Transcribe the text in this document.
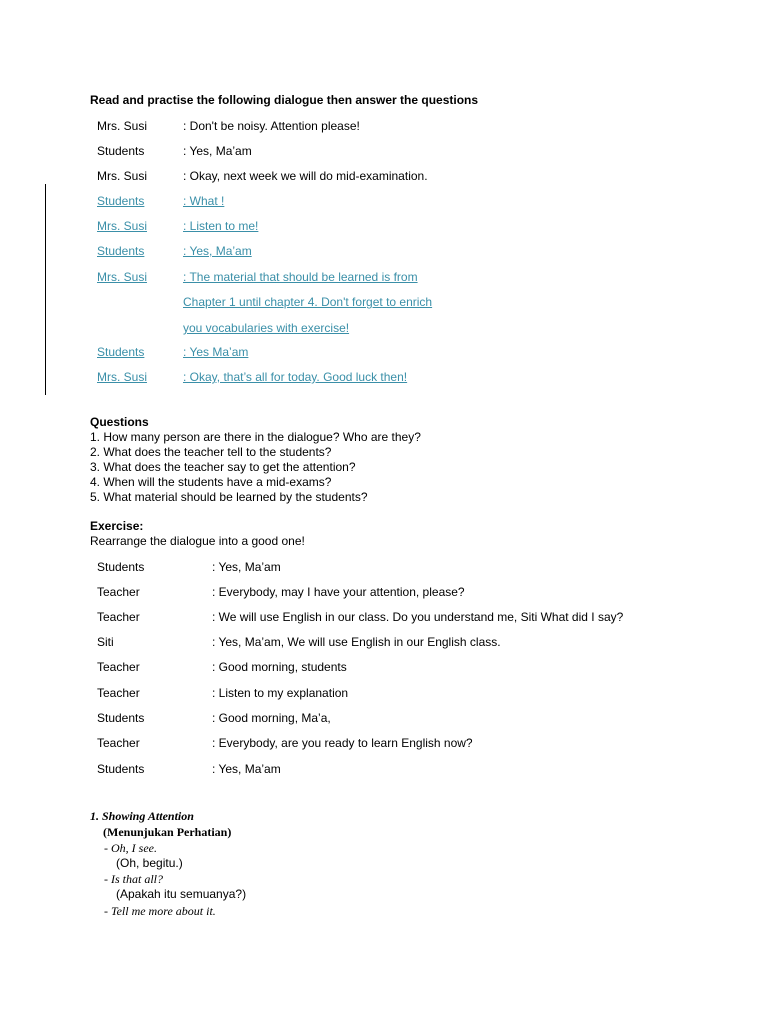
Read and practise the following dialogue then answer the questions
Mrs. Susi	: Don't be noisy. Attention please!
Students	: Yes, Ma’am
Mrs. Susi	: Okay, next week we will do mid-examination.
Students	: What !
Mrs. Susi	: Listen to me!
Students	: Yes, Ma’am
Mrs. Susi	: The material that should be learned is from
Chapter 1 until chapter 4. Don't forget to enrich
you vocabularies with exercise!
Students	: Yes Ma’am
Mrs. Susi	: Okay, that’s all for today. Good luck then!
Questions
1. How many person are there in the dialogue? Who are they?
2. What does the teacher tell to the students?
3. What does the teacher say to get the attention?
4. When will the students have a mid-exams?
5. What material should be learned by the students?
Exercise:
Rearrange the dialogue into a good one!
Students	: Yes, Ma’am
Teacher	: Everybody, may I have your attention, please?
Teacher	: We will use English in our class. Do you understand me, Siti What did I say?
Siti	: Yes, Ma’am, We will use English in our English class.
Teacher	: Good morning, students
Teacher	: Listen to my explanation
Students	: Good morning, Ma’a,
Teacher	: Everybody, are you ready to learn English now?
Students	: Yes, Ma’am
1. Showing Attention
(Menunjukan Perhatian)
- Oh, I see.
(Oh, begitu.)
- Is that all?
(Apakah itu semuanya?)
- Tell me more about it.
